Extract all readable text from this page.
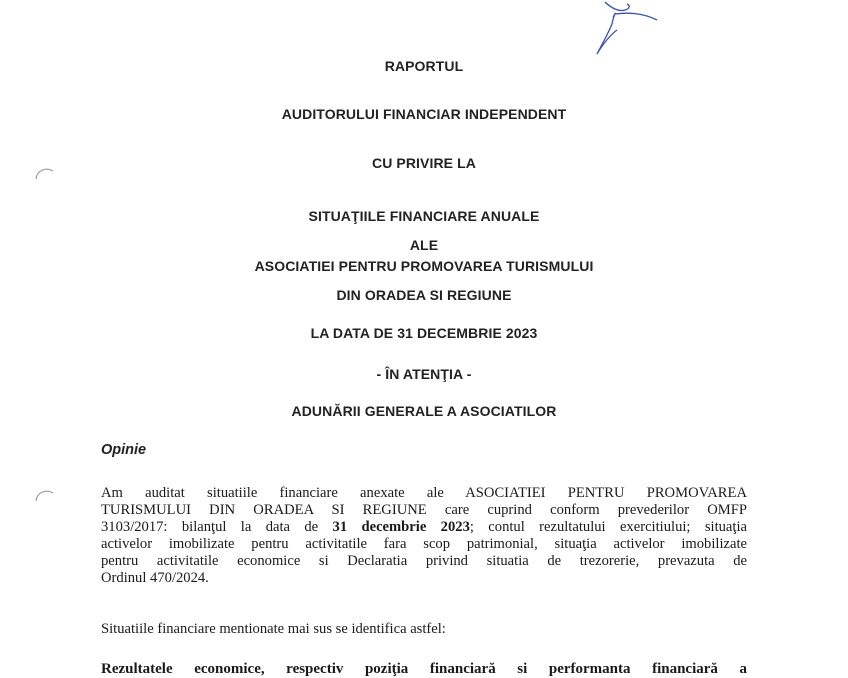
RAPORTUL
AUDITORULUI FINANCIAR INDEPENDENT
CU PRIVIRE LA
SITUAŢIILE FINANCIARE ANUALE
ALE
ASOCIATIEI PENTRU PROMOVAREA TURISMULUI
DIN ORADEA SI REGIUNE
LA DATA DE 31 DECEMBRIE 2023
- ÎN ATENŢIA -
ADUNĂRII GENERALE A ASOCIATILOR
Opinie
Am auditat situatiile financiare anexate ale ASOCIATIEI PENTRU PROMOVAREA
TURISMULUI DIN ORADEA SI REGIUNE care cuprind conform prevederilor OMFP
3103/2017: bilanţul la data de 31 decembrie 2023; contul rezultatului exercitiului; situaţia
activelor imobilizate pentru activitatile fara scop patrimonial, situaţia activelor imobilizate
pentru activitatile economice si Declaratia privind situatia de trezorerie, prevazuta de
Ordinul 470/2024.
Situatiile financiare mentionate mai sus se identifica astfel:
Rezultatele economice, respectiv poziţia financiară si performanta financiară a
